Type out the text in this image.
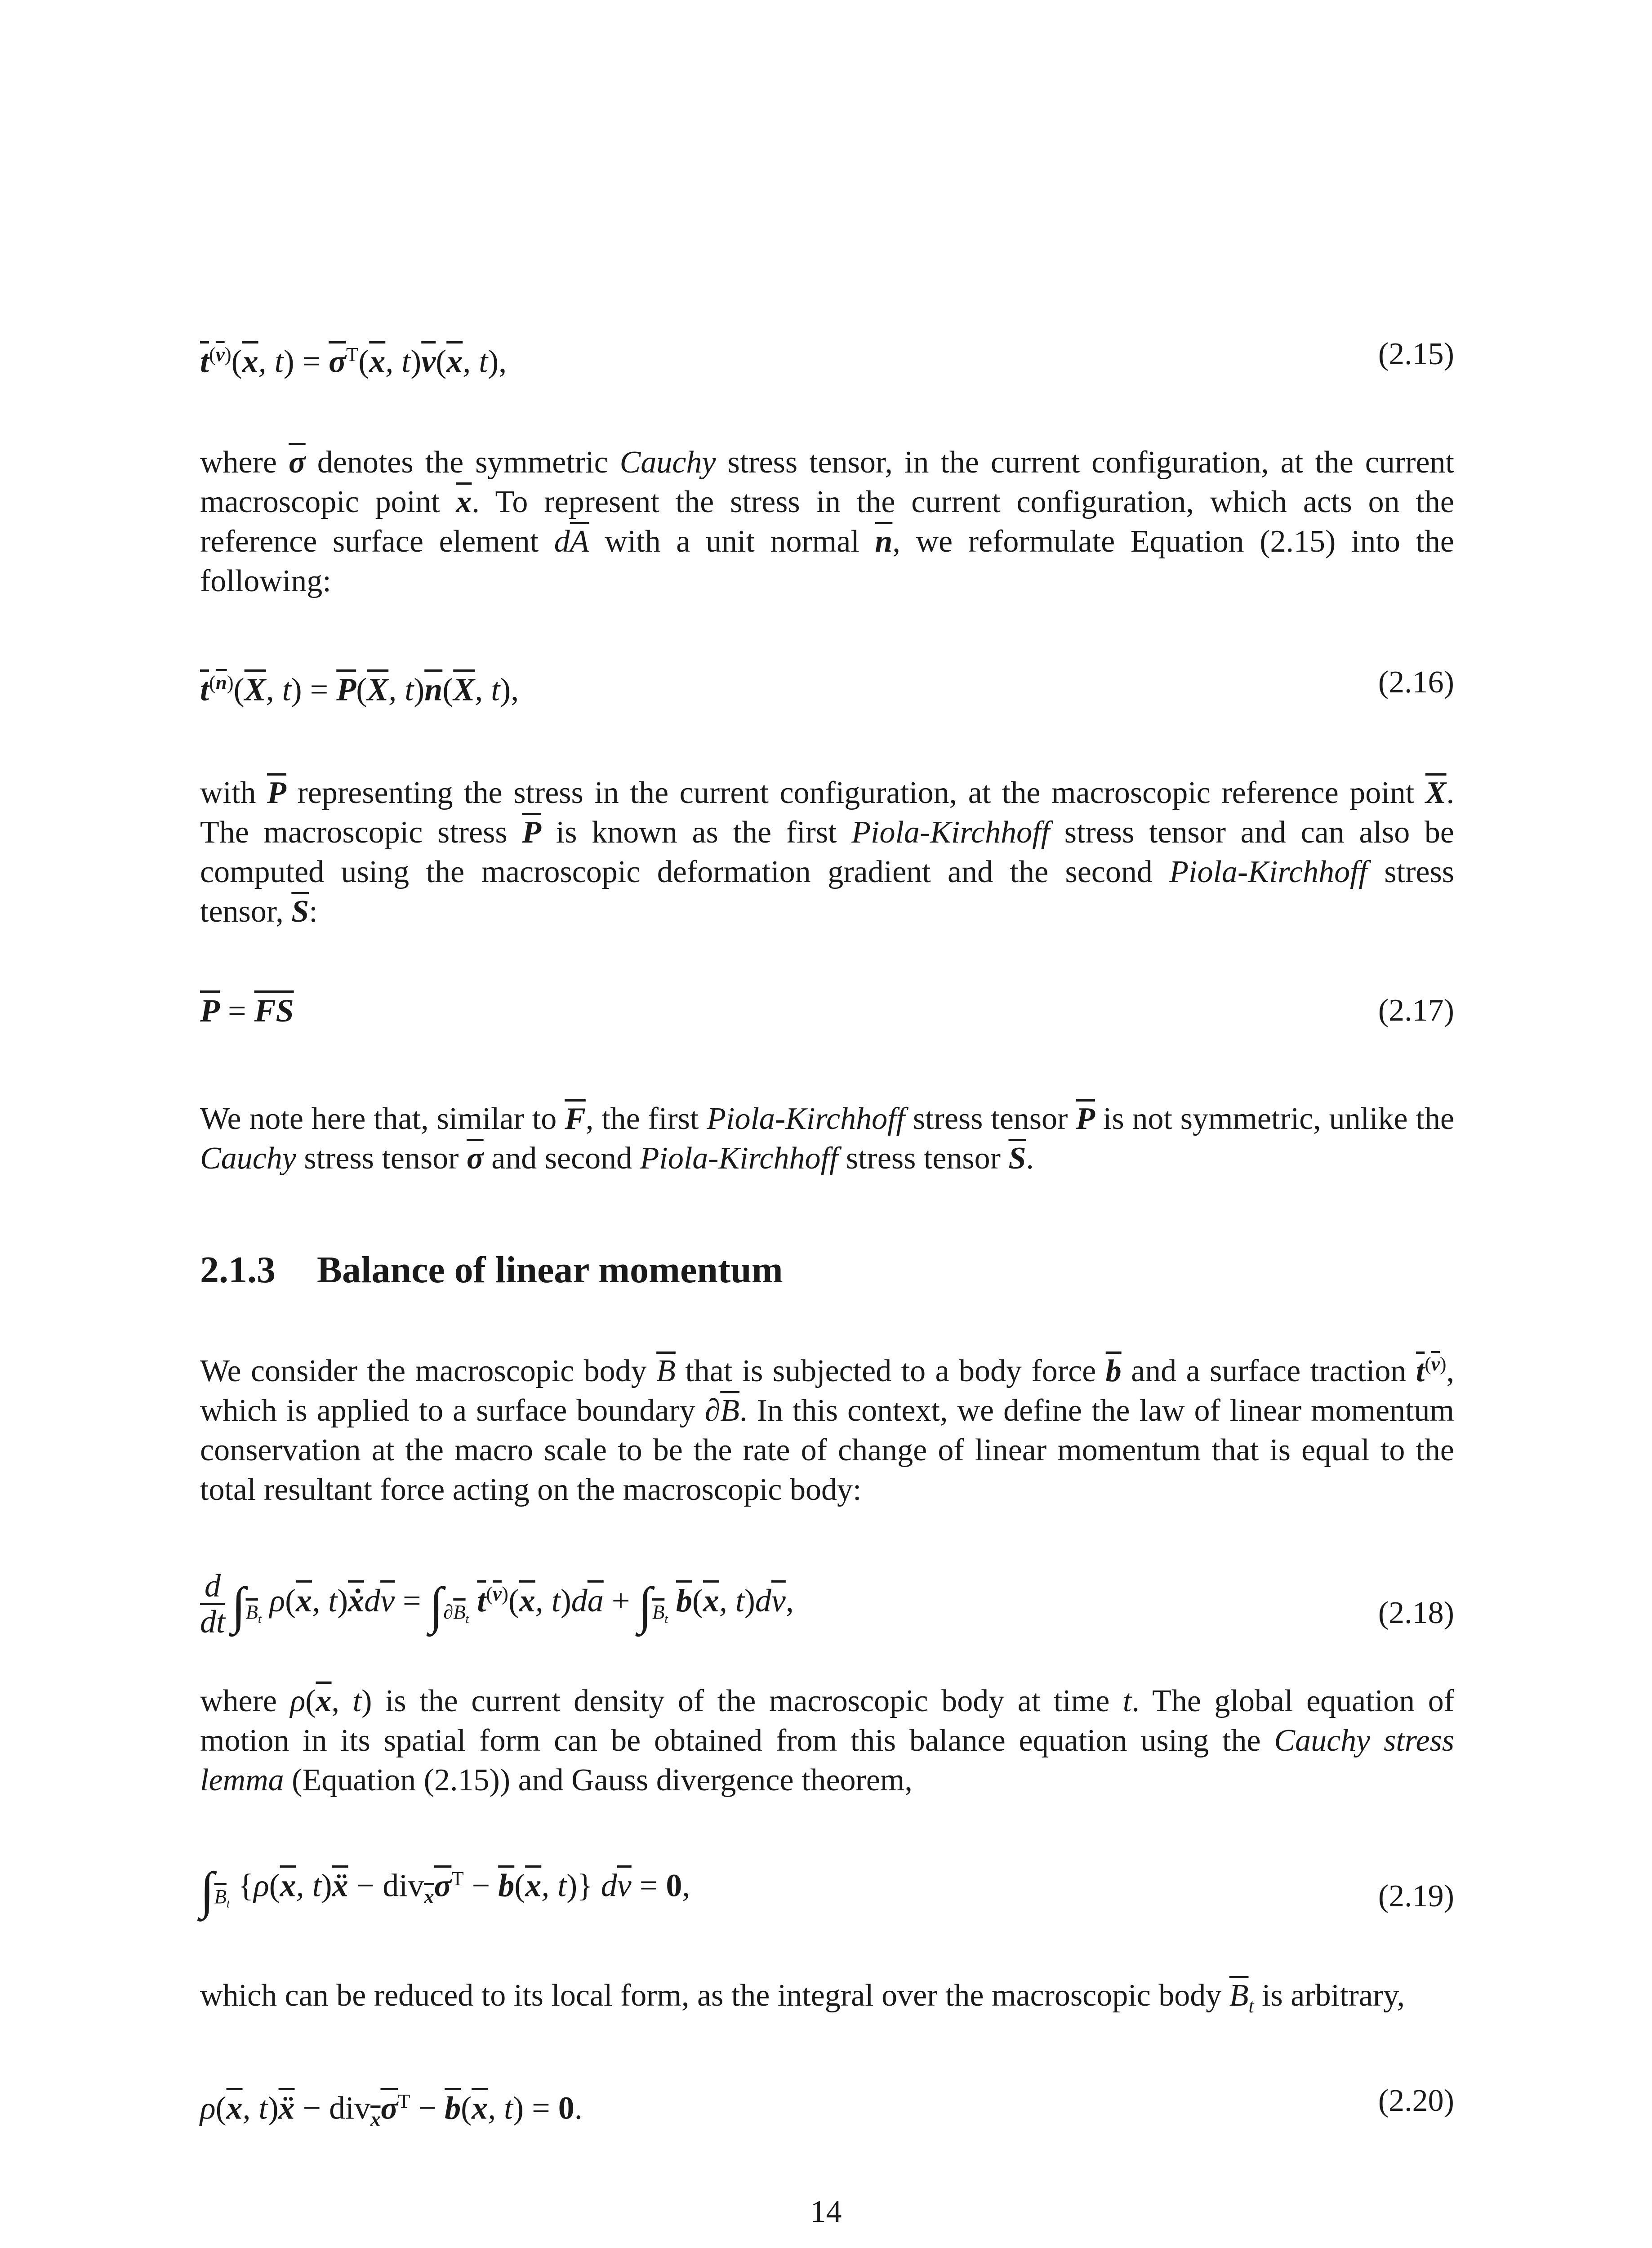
$\overline{t}^{(\overline{\nu})}(\overline{x}$, $t) = \overline{\sigma}^T(\overline{x}$, $t)\overline{\nu}(\overline{x}$, t),	(2.15)
where $\overline{\sigma}$ denotes the symmetric Cauchy stress tensor, in the current configuration, at the current macroscopic point $\overline{x}$. To represent the stress in the current configuration, which acts on the reference surface element $d\overline{A}$ with a unit normal $\overline{n}$, we reformulate Equation (2.15) into the following:
$\overline{t}^{(\overline{n})}(\overline{X}$, $t) = \overline{P}(\overline{X}$, $t)\overline{n}(\overline{X}$, t),	(2.16)
with $\overline{P}$ representing the stress in the current configuration, at the macroscopic reference point $\overline{X}$. The macroscopic stress $\overline{P}$ is known as the first Piola-Kirchhoff stress tensor and can also be computed using the macroscopic deformation gradient and the second Piola-Kirchhoff stress tensor, $\overline{S}$:
$\overline{P} = \overline{FS}$	(2.17)
We note here that, similar to $\overline{F}$, the first Piola-Kirchhoff stress tensor $\overline{P}$ is not symmetric, unlike the Cauchy stress tensor $\overline{\sigma}$ and second Piola-Kirchhoff stress tensor $\overline{S}$.
2.1.3 Balance of linear momentum
We consider the macroscopic body $\overline{B}$ that is subjected to a body force $\overline{b}$ and a surface traction $\overline{t}^{(\overline{\nu})}$, which is applied to a surface boundary $\partial\overline{B}$. In this context, we define the law of linear momentum conservation at the macro scale to be the rate of change of linear momentum that is equal to the total resultant force acting on the macroscopic body:
$\frac{d}{dt} \int_{\overline{B}_t}$ $\rho(\overline{x}$, $t)\overline{ẋ}d\overline{v} = \int_{\partial\overline{B}_t}$ $\overline{t}^{(\overline{\nu})}(\overline{x}$, $t)d\overline{a} + \int_{\overline{B}_t}$ $\overline{b}(\overline{x}$, $t)d\overline{v}$,	(2.18)
where $\rho(\overline{x}$, t) is the current density of the macroscopic body at time t. The global equation of motion in its spatial form can be obtained from this balance equation using the Cauchy stress lemma (Equation (2.15)) and Gauss divergence theorem,
$\int_{\overline{B}_t}$ {$\rho(\overline{x}$, $t)\overline{ẍ} - div_{\overline{x}}\overline{\sigma}^T - \overline{b}(\overline{x}$, t)} $d\overline{v} = 0$,	(2.19)
which can be reduced to its local form, as the integral over the macroscopic body $\overline{B}_t$ is arbitrary,
$\rho(\overline{x}$, $t)\overline{ẍ} - div_{\overline{x}}\overline{\sigma}^T - \overline{b}(\overline{x}$, t) = 0.	(2.20)
14
